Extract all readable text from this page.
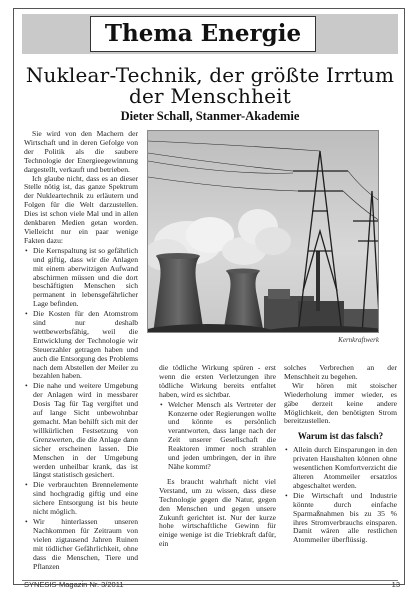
Thema Energie
Nuklear-Technik, der größte Irrtum
der Menschheit
Dieter Schall, Stanmer-Akademie

Sie wird von den Machern der Wirtschaft und in deren Gefolge von der Politik als die saubere Technologie der Energieegewinnung dargestellt, verkauft und betrieben.

Ich glaube nicht, dass es an dieser Stelle nötig ist, das ganze Spektrum der Nukleartechnik zu erläutern und Folgen für die Welt darzustellen. Dies ist schon viele Mal und in allen denkbaren Medien getan worden. Vielleicht nur ein paar wenige Fakten dazu:

• Die Kernspaltung ist so gefährlich und giftig, dass wir die Anlagen mit einem aberwitzigen Aufwand abschirmen müssen und die dort beschäftigten Menschen sich permanent in lebensgefährlicher Lage befinden.
• Die Kosten für den Atomstrom sind nur deshalb wettbewerbsfähig, weil die Entwicklung der Technologie wir Steuerzahler getragen haben und auch die Entsorgung des Problems nach dem Abstellen der Meiler zu bezahlen haben.
• Die nahe und weitere Umgebung der Anlagen wird in messbarer Dosis Tag für Tag vergiftet und auf lange Sicht unbewohnbar gemacht. Man behilft sich mit der willkürlichen Festsetzung von Grenzwerten, die die Anlage dann sicher erscheinen lassen. Die Menschen in der Umgebung werden unheilbar krank, das ist längst statistisch gesichert.
• Die verbrauchten Brennelemente sind hochgradig giftig und eine sichere Entsorgung ist bis heute nicht möglich.
• Wir hinterlassen unseren Nachkommen für Zeitraum von vielen zigtausend Jahren Ruinen mit tödlicher Gefährlichkeit, ohne dass die Menschen, Tiere und Pflanzen
Kernkraftwerk

die tödliche Wirkung spüren - erst wenn die ersten Verletzungen ihre tödliche Wirkung bereits entfaltet haben, wird es sichtbar.

• Welcher Mensch als Vertreter der Konzerne oder Regierungen wollte und könnte es persönlich verantworten, dass lange nach der Zeit unserer Gesellschaft die Reaktoren immer noch strahlen und jeden umbringen, der in ihre Nähe kommt?

Es braucht wahrhaft nicht viel Verstand, um zu wissen, dass diese Technologie gegen die Natur, gegen den Menschen und gegen unsere Zukunft gerichtet ist. Nur der kurze hohe wirtschaftliche Gewinn für einige wenige ist die Triebkraft dafür, ein

solches Verbrechen an der Menschheit zu begehen.

Wir hören mit stoischer Wiederholung immer wieder, es gäbe derzeit keine andere Möglichkeit, den benötigten Strom bereitzustellen.

Warum ist das falsch?
• Allein durch Einsparungen in den privaten Haushalten können ohne wesentlichen Komfortverzicht die älteren Atommeiler ersatzlos abgeschaltet werden.
• Die Wirtschaft und Industrie könnte durch einfache Sparmaßnahmen bis zu 35 % ihres Stromverbrauchs einsparen. Damit wären alle restlichen Atommeiler überflüssig.
SYNESIS-Magazin Nr. 3/2011	13
